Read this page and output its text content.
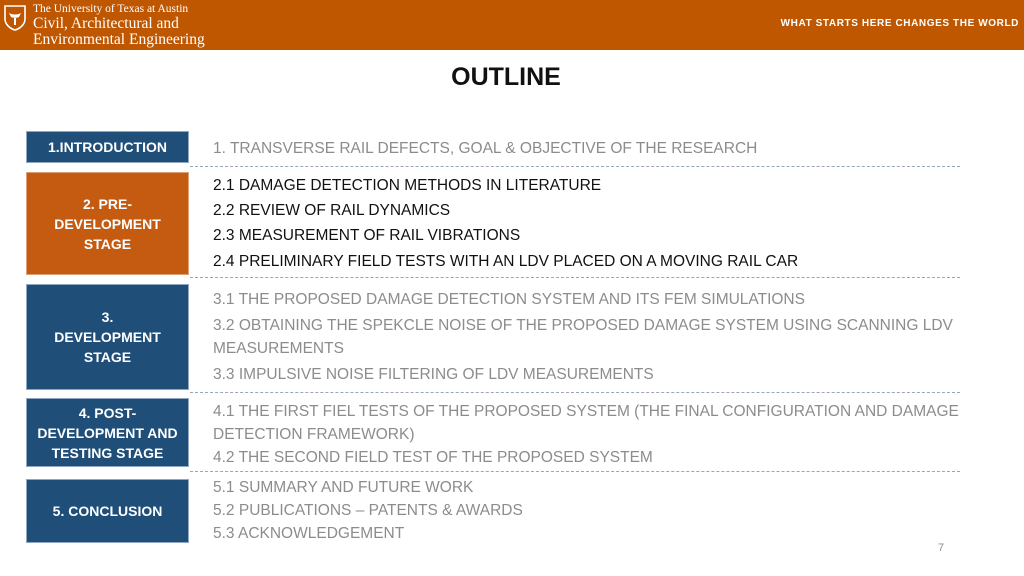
The University of Texas at Austin
Civil, Architectural and
Environmental Engineering
WHAT STARTS HERE CHANGES THE WORLD
OUTLINE
1.INTRODUCTION	1. TRANSVERSE RAIL DEFECTS, GOAL & OBJECTIVE OF THE RESEARCH
2. PRE-DEVELOPMENT STAGE
2.1 DAMAGE DETECTION METHODS IN LITERATURE
2.2 REVIEW OF RAIL DYNAMICS
2.3 MEASUREMENT OF RAIL VIBRATIONS
2.4 PRELIMINARY FIELD TESTS WITH AN LDV PLACED ON A MOVING RAIL CAR
3. DEVELOPMENT STAGE
3.1 THE PROPOSED DAMAGE DETECTION SYSTEM AND ITS FEM SIMULATIONS
3.2 OBTAINING THE SPEKCLE NOISE OF THE PROPOSED DAMAGE SYSTEM USING SCANNING LDV MEASUREMENTS
3.3 IMPULSIVE NOISE FILTERING OF LDV MEASUREMENTS
4. POST-DEVELOPMENT AND TESTING STAGE
4.1 THE FIRST FIEL TESTS OF THE PROPOSED SYSTEM (THE FINAL CONFIGURATION AND DAMAGE DETECTION FRAMEWORK)
4.2 THE SECOND FIELD TEST OF THE PROPOSED SYSTEM
5. CONCLUSION
5.1 SUMMARY AND FUTURE WORK
5.2 PUBLICATIONS – PATENTS & AWARDS
5.3 ACKNOWLEDGEMENT
7
